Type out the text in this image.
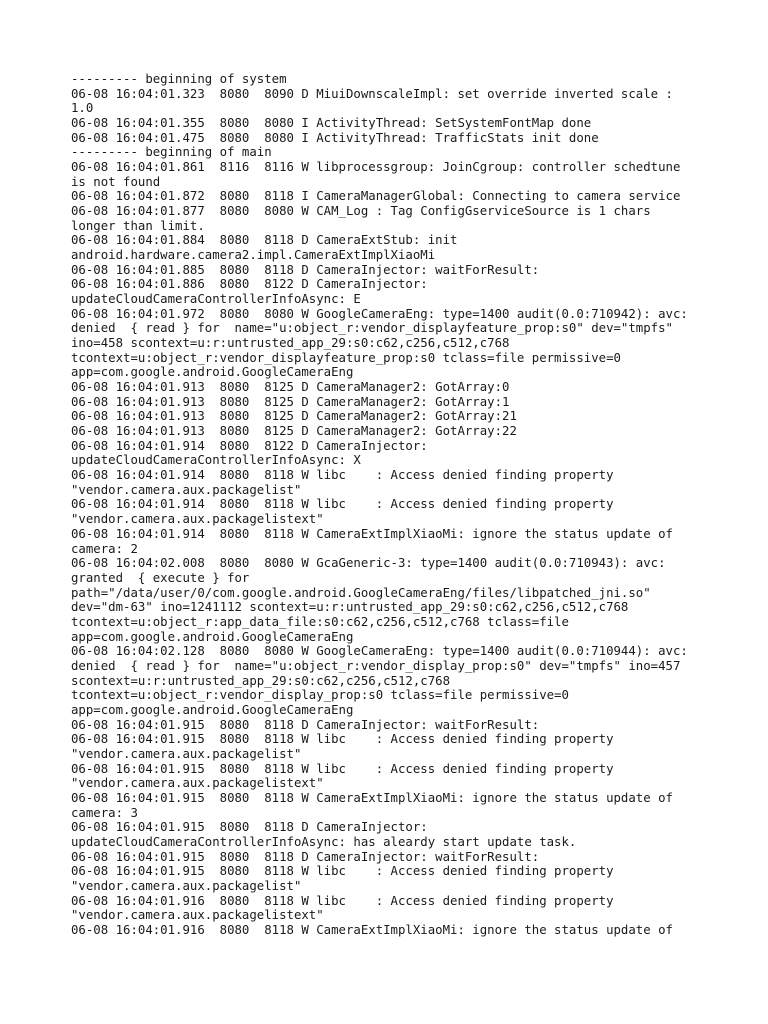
--------- beginning of system
06-08 16:04:01.323  8080  8090 D MiuiDownscaleImpl: set override inverted scale :
1.0
06-08 16:04:01.355  8080  8080 I ActivityThread: SetSystemFontMap done
06-08 16:04:01.475  8080  8080 I ActivityThread: TrafficStats init done
--------- beginning of main
06-08 16:04:01.861  8116  8116 W libprocessgroup: JoinCgroup: controller schedtune
is not found
06-08 16:04:01.872  8080  8118 I CameraManagerGlobal: Connecting to camera service
06-08 16:04:01.877  8080  8080 W CAM_Log : Tag ConfigGserviceSource is 1 chars
longer than limit.
06-08 16:04:01.884  8080  8118 D CameraExtStub: init
android.hardware.camera2.impl.CameraExtImplXiaoMi
06-08 16:04:01.885  8080  8118 D CameraInjector: waitForResult:
06-08 16:04:01.886  8080  8122 D CameraInjector:
updateCloudCameraControllerInfoAsync: E
06-08 16:04:01.972  8080  8080 W GoogleCameraEng: type=1400 audit(0.0:710942): avc:
denied  { read } for  name="u:object_r:vendor_displayfeature_prop:s0" dev="tmpfs"
ino=458 scontext=u:r:untrusted_app_29:s0:c62,c256,c512,c768
tcontext=u:object_r:vendor_displayfeature_prop:s0 tclass=file permissive=0
app=com.google.android.GoogleCameraEng
06-08 16:04:01.913  8080  8125 D CameraManager2: GotArray:0
06-08 16:04:01.913  8080  8125 D CameraManager2: GotArray:1
06-08 16:04:01.913  8080  8125 D CameraManager2: GotArray:21
06-08 16:04:01.913  8080  8125 D CameraManager2: GotArray:22
06-08 16:04:01.914  8080  8122 D CameraInjector:
updateCloudCameraControllerInfoAsync: X
06-08 16:04:01.914  8080  8118 W libc    : Access denied finding property
"vendor.camera.aux.packagelist"
06-08 16:04:01.914  8080  8118 W libc    : Access denied finding property
"vendor.camera.aux.packagelistext"
06-08 16:04:01.914  8080  8118 W CameraExtImplXiaoMi: ignore the status update of
camera: 2
06-08 16:04:02.008  8080  8080 W GcaGeneric-3: type=1400 audit(0.0:710943): avc:
granted  { execute } for
path="/data/user/0/com.google.android.GoogleCameraEng/files/libpatched_jni.so"
dev="dm-63" ino=1241112 scontext=u:r:untrusted_app_29:s0:c62,c256,c512,c768
tcontext=u:object_r:app_data_file:s0:c62,c256,c512,c768 tclass=file
app=com.google.android.GoogleCameraEng
06-08 16:04:02.128  8080  8080 W GoogleCameraEng: type=1400 audit(0.0:710944): avc:
denied  { read } for  name="u:object_r:vendor_display_prop:s0" dev="tmpfs" ino=457
scontext=u:r:untrusted_app_29:s0:c62,c256,c512,c768
tcontext=u:object_r:vendor_display_prop:s0 tclass=file permissive=0
app=com.google.android.GoogleCameraEng
06-08 16:04:01.915  8080  8118 D CameraInjector: waitForResult:
06-08 16:04:01.915  8080  8118 W libc    : Access denied finding property
"vendor.camera.aux.packagelist"
06-08 16:04:01.915  8080  8118 W libc    : Access denied finding property
"vendor.camera.aux.packagelistext"
06-08 16:04:01.915  8080  8118 W CameraExtImplXiaoMi: ignore the status update of
camera: 3
06-08 16:04:01.915  8080  8118 D CameraInjector:
updateCloudCameraControllerInfoAsync: has aleardy start update task.
06-08 16:04:01.915  8080  8118 D CameraInjector: waitForResult:
06-08 16:04:01.915  8080  8118 W libc    : Access denied finding property
"vendor.camera.aux.packagelist"
06-08 16:04:01.916  8080  8118 W libc    : Access denied finding property
"vendor.camera.aux.packagelistext"
06-08 16:04:01.916  8080  8118 W CameraExtImplXiaoMi: ignore the status update of
